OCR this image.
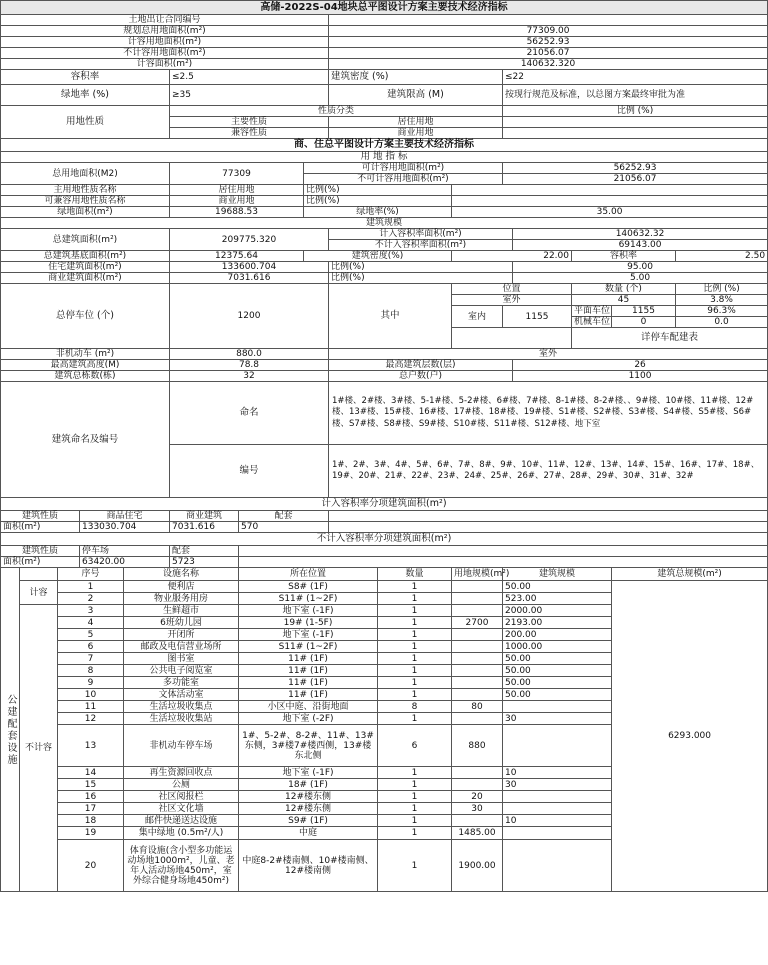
高储-2022S-04地块总平图设计方案主要技术经济指标															
土地出让合同编号															
规划总用地面积(m²)								77309.00							
计容用地面积(m²)								56252.93							
不计容用地面积(m²)								21056.07							
计容面积(m²)								140632.320							
容积率					≤2.5			建筑密度 (%)			≤22				
绿地率 (%)					≥35			建筑限高 (M)			按现行规范及标准，以总图方案最终审批为准				
用地性质					性质分类						比例 (%)				
					主要性质			居住用地							
					兼容性质			商业用地							
商、住总平图设计方案主要技术经济指标															
用 地 指 标															
总用地面积(M2)					77309		可计容用地面积(m²)				56252.93				
							不可计容用地面积(m²)				21056.07				
主用地性质名称					居住用地		比例(%)								
可兼容用地性质名称					商业用地		比例(%)								
绿地面积(m²)					19688.53		绿地率(%)			35.00					
建筑规模															
总建筑面积(m²)					209775.320			计入容积率面积(m²)				140632.32			
								不计入容积率面积(m²)				69143.00			
总建筑基底面积(m²)					12375.64		建筑密度(%)			22.00			容积率		2.50
住宅建筑面积(m²)					133600.704			比例(%)				95.00			
商业建筑面积(m²)					7031.616			比例(%)				5.00			
总停车位 (个)					1200			其中		位置			数量 (个)		比例 (%)
										室外			45		3.8%
										室内	1155		平面车位	1155	96.3%
													机械车位	0	0.0
													详停车配建表		

非机动车 (m²)					880.0			室外							
最高建筑高度(M)					78.8			最高建筑层数(层)				26			
建筑总栋数(栋)					32			总户数(户)				1100			
建筑命名及编号					命名			1#楼、2#楼、3#楼、5-1#楼、5-2#楼、6#楼、7#楼、8-1#楼、8-2#楼、、9#楼、10#楼、11#楼、12#楼、13#楼、15#楼、16#楼、17#楼、18#楼、19#楼、S1#楼、S2#楼、S3#楼、S4#楼、S5#楼、S6#楼、S7#楼、S8#楼、S9#楼、S10#楼、S11#楼、S12#楼、地下室							
					编号			1#、2#、3#、4#、5#、6#、7#、8#、9#、10#、11#、12#、13#、14#、15#、16#、17#、18#、19#、20#、21#、22#、23#、24#、25#、26#、27#、28#、29#、30#、31#、32#							
计入容积率分项建筑面积(m²)															
建筑性质			商品住宅		商业建筑	配套									
面积(m²)			133030.704		7031.616	570									
不计入容积率分项建筑面积(m²)															
建筑性质			停车场		配套										
面积(m²)			63420.00		5723										
公建配套设施		序号		设施名称		所在位置			数量	用地规模(m²)	建筑规模			建筑总规模(m²)	
	计容	1		便利店		S8# (1F)			1		50.00			6293.000	
		2		物业服务用房		S11# (1~2F)			1		523.00				
	不计容	3		生鲜超市		地下室 (-1F)			1		2000.00				
		4		6班幼儿园		19# (1-5F)			1	2700	2193.00				
		5		开闭所		地下室 (-1F)			1		200.00				
		6		邮政及电信营业场所		S11# (1~2F)			1		1000.00				
		7		图书室		11# (1F)			1		50.00				
		8		公共电子阅览室		11# (1F)			1		50.00				
		9		多功能室		11# (1F)			1		50.00				
		10		文体活动室		11# (1F)			1		50.00				
		11		生活垃圾收集点		小区中庭、沿街地面			8	80					
		12		生活垃圾收集站		地下室 (-2F)			1		30				
		13		非机动车停车场		1#、5-2#、8-2#、11#、13#东侧，3#楼7#楼西侧，13#楼东北侧			6	880					
		14		再生资源回收点		地下室 (-1F)			1		10				
		15		公厕		18# (1F)			1		30				
		16		社区阅报栏		12#楼东侧			1	20					
		17		社区文化墙		12#楼东侧			1	30					
		18		邮件快递送达设施		S9# (1F)			1		10				
		19		集中绿地 (0.5m²/人)		中庭			1	1485.00					
		20		体育设施(含小型多功能运动场地1000m²，儿童、老年人活动场地450m²，室外综合健身场地450m²)		中庭8-2#楼南侧、10#楼南侧、12#楼南侧			1	1900.00					
